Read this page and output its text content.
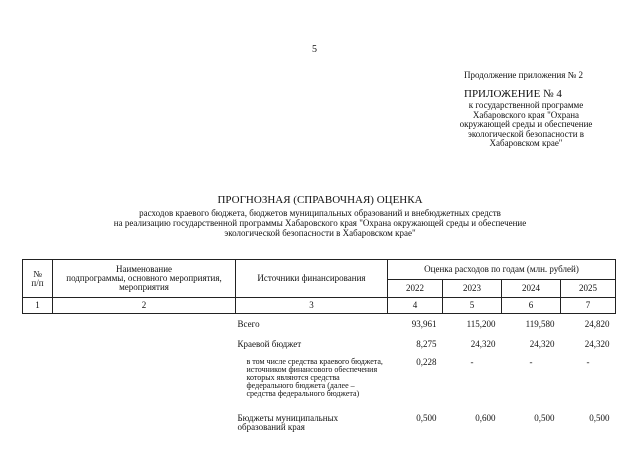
5
Продолжение приложения № 2
ПРИЛОЖЕНИЕ № 4
к государственной программе
Хабаровского края "Охрана
окружающей среды и обеспечение
экологической безопасности в
Хабаровском крае"
ПРОГНОЗНАЯ (СПРАВОЧНАЯ) ОЦЕНКА
расходов краевого бюджета, бюджетов муниципальных образований и внебюджетных средств
на реализацию государственной программы Хабаровского края "Охрана окружающей среды и обеспечение
экологической безопасности в Хабаровском крае"
№
п/п	Наименование
подпрограммы, основного мероприятия,
мероприятия	Источники финансирования	Оценка расходов по годам (млн. рублей)			
			2022	2023	2024	2025
1	2	3	4	5	6	7
		Всего	93,961	115,200	119,580	24,820
		Краевой бюджет	8,275	24,320	24,320	24,320
		в том числе средства краевого бюджета, источником финансового обеспечения которых являются средства федерального бюджета (далее – средства федерального бюджета)	0,228	-	-	-
		Бюджеты муниципальных образований края	0,500	0,600	0,500	0,500
